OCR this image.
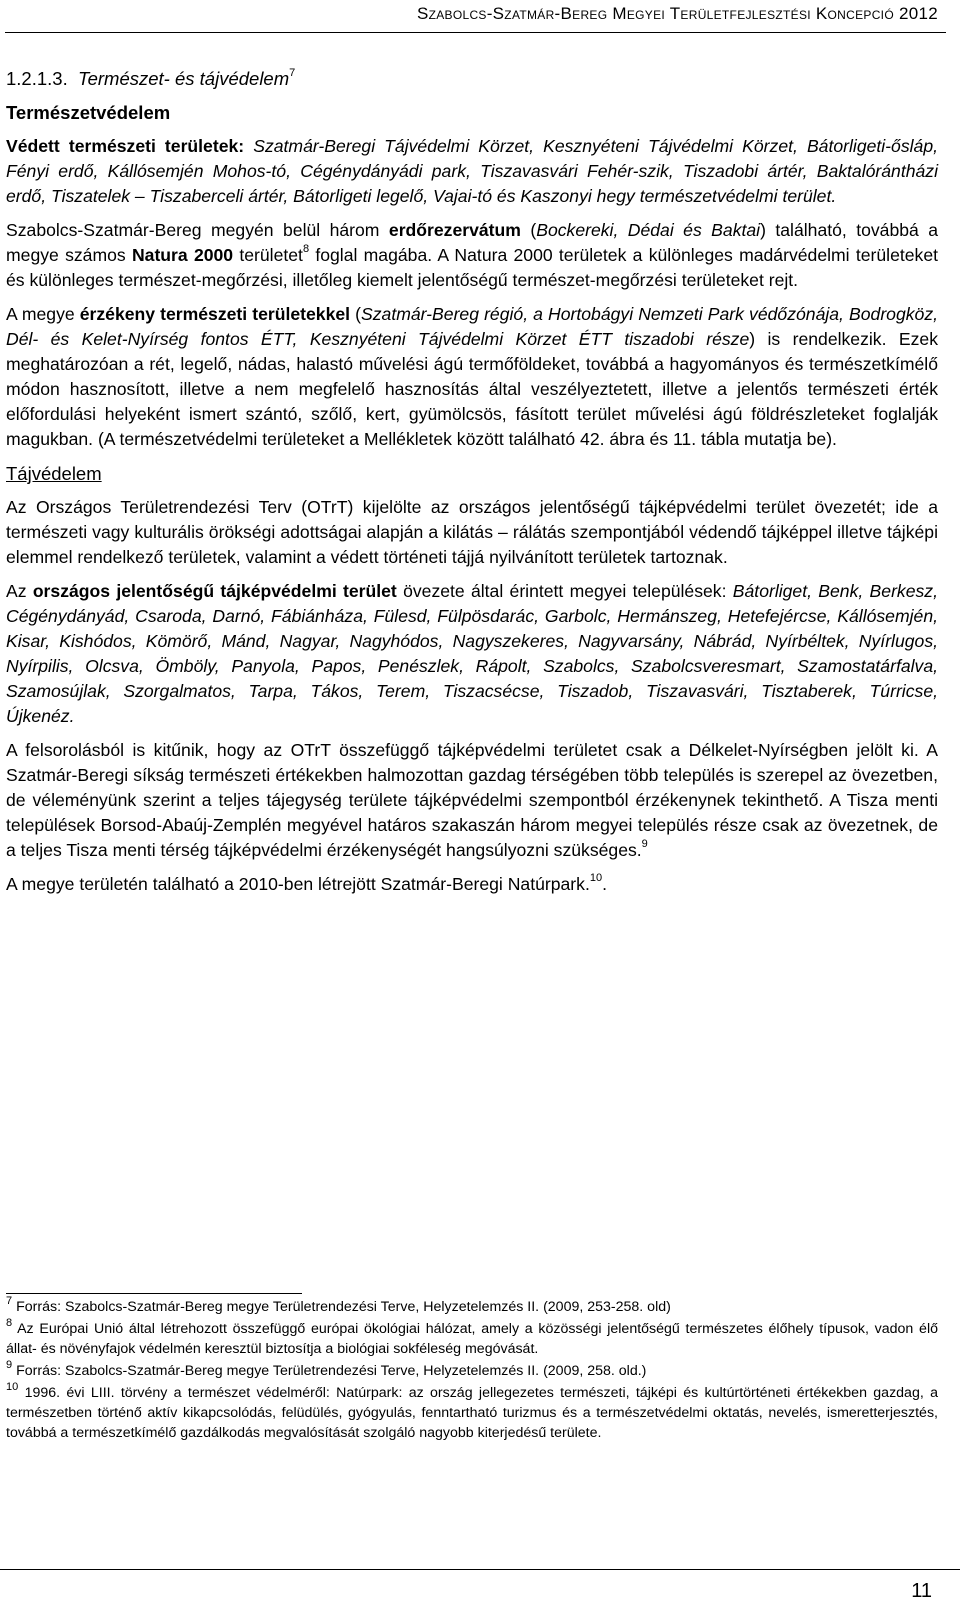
Szabolcs-Szatmár-Bereg Megyei Területfejlesztési Koncepció 2012

1.2.1.3. Természet- és tájvédelem$^7$

Természetvédelem

Védett természeti területek: Szatmár-Beregi Tájvédelmi Körzet, Kesznyéteni Tájvédelmi Körzet, Bátorligeti-ősláp, Fényi erdő, Kállósemjén Mohos-tó, Cégénydányádi park, Tiszavasvári Fehér-szik, Tiszadobi ártér, Baktalórántházi erdő, Tiszatelek – Tiszaberceli ártér, Bátorligeti legelő, Vajai-tó és Kaszonyi hegy természetvédelmi terület.

Szabolcs-Szatmár-Bereg megyén belül három erdőrezervátum (Bockereki, Dédai és Baktai) található, továbbá a megye számos Natura 2000 területet$^8$ foglal magába. A Natura 2000 területek a különleges madárvédelmi területeket és különleges természet-megőrzési, illetőleg kiemelt jelentőségű természet-megőrzési területeket rejt.

A megye érzékeny természeti területekkel (Szatmár-Bereg régió, a Hortobágyi Nemzeti Park védőzónája, Bodrogköz, Dél- és Kelet-Nyírség fontos ÉTT, Kesznyéteni Tájvédelmi Körzet ÉTT tiszadobi része) is rendelkezik. Ezek meghatározóan a rét, legelő, nádas, halastó művelési ágú termőföldeket, továbbá a hagyományos és természetkímélő módon hasznosított, illetve a nem megfelelő hasznosítás által veszélyeztetett, illetve a jelentős természeti érték előfordulási helyeként ismert szántó, szőlő, kert, gyümölcsös, fásított terület művelési ágú földrészleteket foglalják magukban. (A természetvédelmi területeket a Mellékletek között található 42. ábra és 11. tábla mutatja be).

Tájvédelem

Az Országos Területrendezési Terv (OTrT) kijelölte az országos jelentőségű tájképvédelmi terület övezetét; ide a természeti vagy kulturális örökségi adottságai alapján a kilátás – rálátás szempontjából védendő tájképpel illetve tájképi elemmel rendelkező területek, valamint a védett történeti tájjá nyilvánított területek tartoznak.

Az országos jelentőségű tájképvédelmi terület övezete által érintett megyei települések: Bátorliget, Benk, Berkesz, Cégénydányád, Csaroda, Darnó, Fábiánháza, Fülesd, Fülpösdarác, Garbolc, Hermánszeg, Hetefejércse, Kállósemjén, Kisar, Kishódos, Kömörő, Mánd, Nagyar, Nagyhódos, Nagyszekeres, Nagyvarsány, Nábrád, Nyírbéltek, Nyírlugos, Nyírpilis, Olcsva, Ömböly, Panyola, Papos, Penészlek, Rápolt, Szabolcs, Szabolcsveresmart, Szamostatárfalva, Szamosújlak, Szorgalmatos, Tarpa, Tákos, Terem, Tiszacsécse, Tiszadob, Tiszavasvári, Tisztaberek, Túrricse, Újkenéz.

A felsorolásból is kitűnik, hogy az OTrT összefüggő tájképvédelmi területet csak a Délkelet-Nyírségben jelölt ki. A Szatmár-Beregi síkság természeti értékekben halmozottan gazdag térségében több település is szerepel az övezetben, de véleményünk szerint a teljes tájegység területe tájképvédelmi szempontból érzékenynek tekinthető. A Tisza menti települések Borsod-Abaúj-Zemplén megyével határos szakaszán három megyei település része csak az övezetnek, de a teljes Tisza menti térség tájképvédelmi érzékenységét hangsúlyozni szükséges.$^9$

A megye területén található a 2010-ben létrejött Szatmár-Beregi Natúrpark.$^{10}$.

$^7$ Forrás: Szabolcs-Szatmár-Bereg megye Területrendezési Terve, Helyzetelemzés II. (2009, 253-258. old)

$^8$ Az Európai Unió által létrehozott összefüggő európai ökológiai hálózat, amely a közösségi jelentőségű természetes élőhely típusok, vadon élő állat- és növényfajok védelmén keresztül biztosítja a biológiai sokféleség megóvását.

$^9$ Forrás: Szabolcs-Szatmár-Bereg megye Területrendezési Terve, Helyzetelemzés II. (2009, 258. old.)

$^{10}$ 1996. évi LIII. törvény a természet védelméről: Natúrpark: az ország jellegezetes természeti, tájképi és kultúrtörténeti értékekben gazdag, a természetben történő aktív kikapcsolódás, felüdülés, gyógyulás, fenntartható turizmus és a természetvédelmi oktatás, nevelés, ismeretterjesztés, továbbá a természetkímélő gazdálkodás megvalósítását szolgáló nagyobb kiterjedésű területe.

11
